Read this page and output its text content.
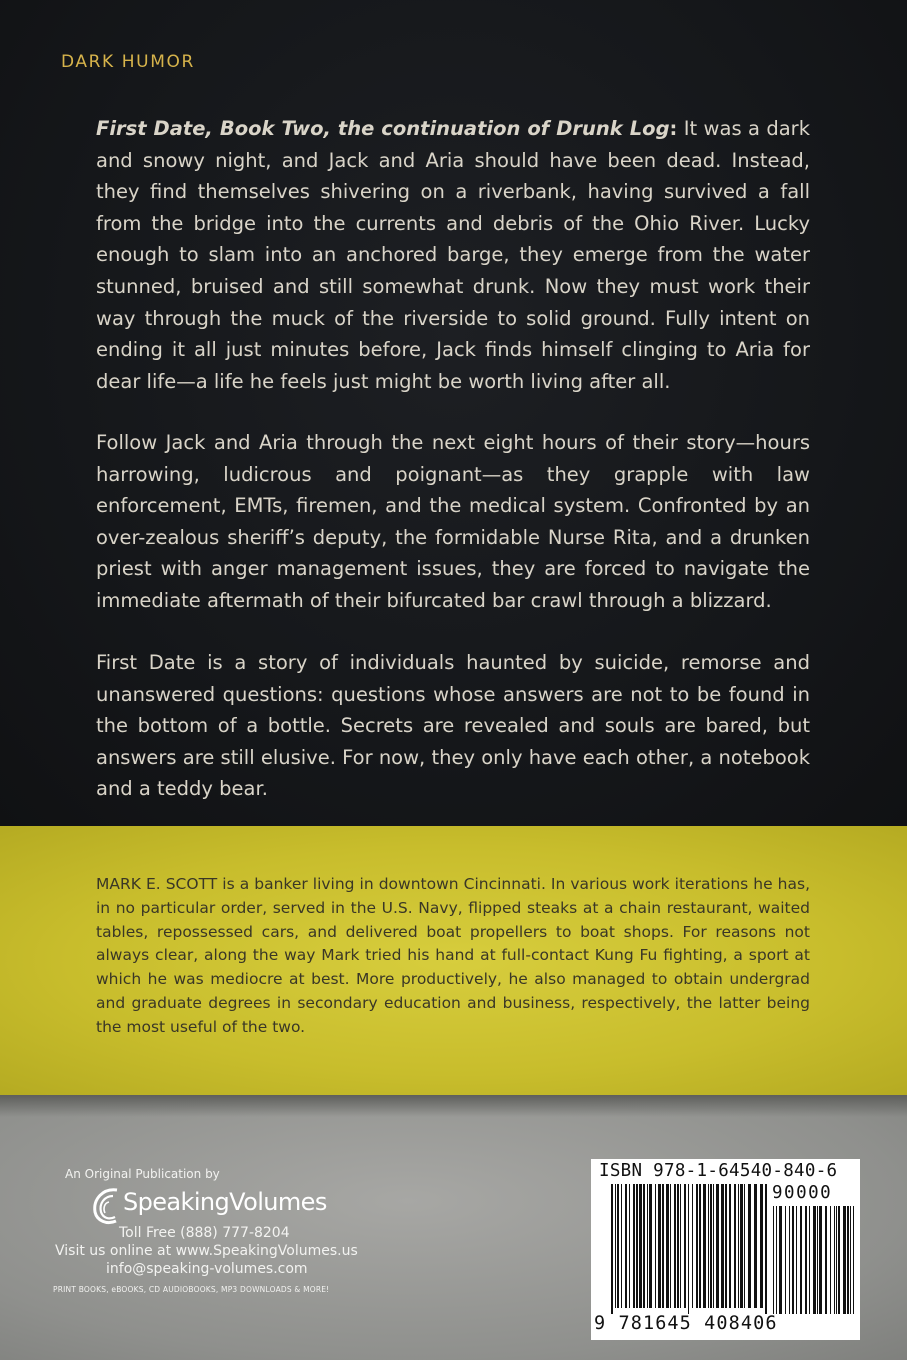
DARK HUMOR

First Date, Book Two, the continuation of Drunk Log: It was a dark and snowy night, and Jack and Aria should have been dead. Instead, they find themselves shivering on a riverbank, having survived a fall from the bridge into the currents and debris of the Ohio River. Lucky enough to slam into an anchored barge, they emerge from the water stunned, bruised and still somewhat drunk. Now they must work their way through the muck of the riverside to solid ground. Fully intent on ending it all just minutes before, Jack finds himself clinging to Aria for dear life—a life he feels just might be worth living after all.

Follow Jack and Aria through the next eight hours of their story—hours harrowing, ludicrous and poignant—as they grapple with law enforcement, EMTs, firemen, and the medical system. Confronted by an over-zealous sheriff’s deputy, the formidable Nurse Rita, and a drunken priest with anger management issues, they are forced to navigate the immediate aftermath of their bifurcated bar crawl through a blizzard.

First Date is a story of individuals haunted by suicide, remorse and unanswered questions: questions whose answers are not to be found in the bottom of a bottle. Secrets are revealed and souls are bared, but answers are still elusive. For now, they only have each other, a notebook and a teddy bear.

MARK E. SCOTT is a banker living in downtown Cincinnati. In various work iterations he has, in no particular order, served in the U.S. Navy, flipped steaks at a chain restaurant, waited tables, repossessed cars, and delivered boat propellers to boat shops. For reasons not always clear, along the way Mark tried his hand at full-contact Kung Fu fighting, a sport at which he was mediocre at best. More productively, he also managed to obtain undergrad and graduate degrees in secondary education and business, respectively, the latter being the most useful of the two.

An Original Publication by
SpeakingVolumes
Toll Free (888) 777-8204
Visit us online at www.SpeakingVolumes.us
info@speaking-volumes.com
PRINT BOOKS, eBOOKS, CD AUDIOBOOKS, MP3 DOWNLOADS & MORE!
ISBN 978-1-64540-840-6
90000
9 781645 408406
